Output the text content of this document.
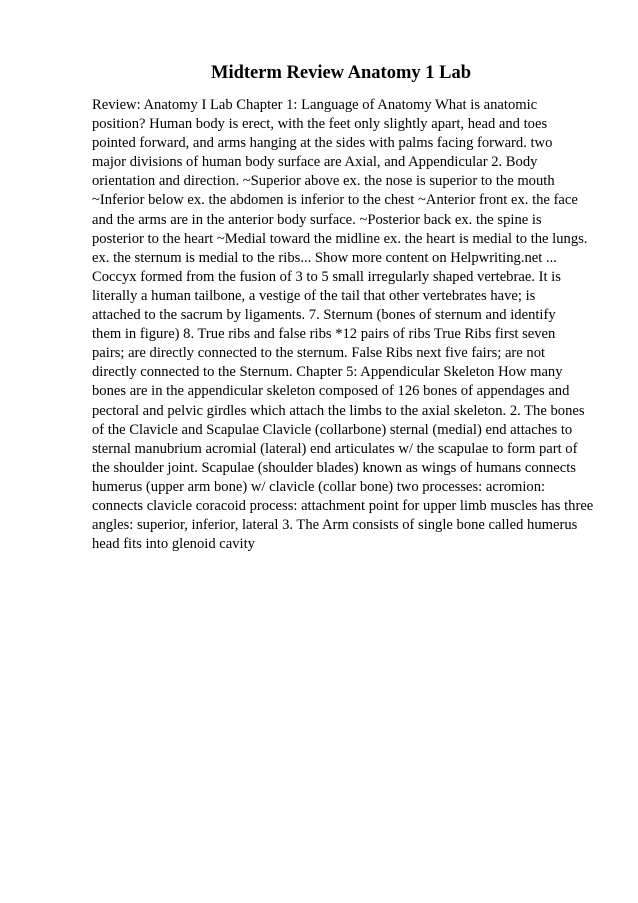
Midterm Review Anatomy 1 Lab
Review: Anatomy I Lab Chapter 1: Language of Anatomy What is anatomic
position? Human body is erect, with the feet only slightly apart, head and toes
pointed forward, and arms hanging at the sides with palms facing forward. two
major divisions of human body surface are Axial, and Appendicular 2. Body
orientation and direction. ~Superior above ex. the nose is superior to the mouth
~Inferior below ex. the abdomen is inferior to the chest ~Anterior front ex. the face
and the arms are in the anterior body surface. ~Posterior back ex. the spine is
posterior to the heart ~Medial toward the midline ex. the heart is medial to the lungs.
ex. the sternum is medial to the ribs... Show more content on Helpwriting.net ...
Coccyx formed from the fusion of 3 to 5 small irregularly shaped vertebrae. It is
literally a human tailbone, a vestige of the tail that other vertebrates have; is
attached to the sacrum by ligaments. 7. Sternum (bones of sternum and identify
them in figure) 8. True ribs and false ribs *12 pairs of ribs True Ribs first seven
pairs; are directly connected to the sternum. False Ribs next five fairs; are not
directly connected to the Sternum. Chapter 5: Appendicular Skeleton How many
bones are in the appendicular skeleton composed of 126 bones of appendages and
pectoral and pelvic girdles which attach the limbs to the axial skeleton. 2. The bones
of the Clavicle and Scapulae Clavicle (collarbone) sternal (medial) end attaches to
sternal manubrium acromial (lateral) end articulates w/ the scapulae to form part of
the shoulder joint. Scapulae (shoulder blades) known as wings of humans connects
humerus (upper arm bone) w/ clavicle (collar bone) two processes: acromion:
connects clavicle coracoid process: attachment point for upper limb muscles has three
angles: superior, inferior, lateral 3. The Arm consists of single bone called humerus
head fits into glenoid cavity
